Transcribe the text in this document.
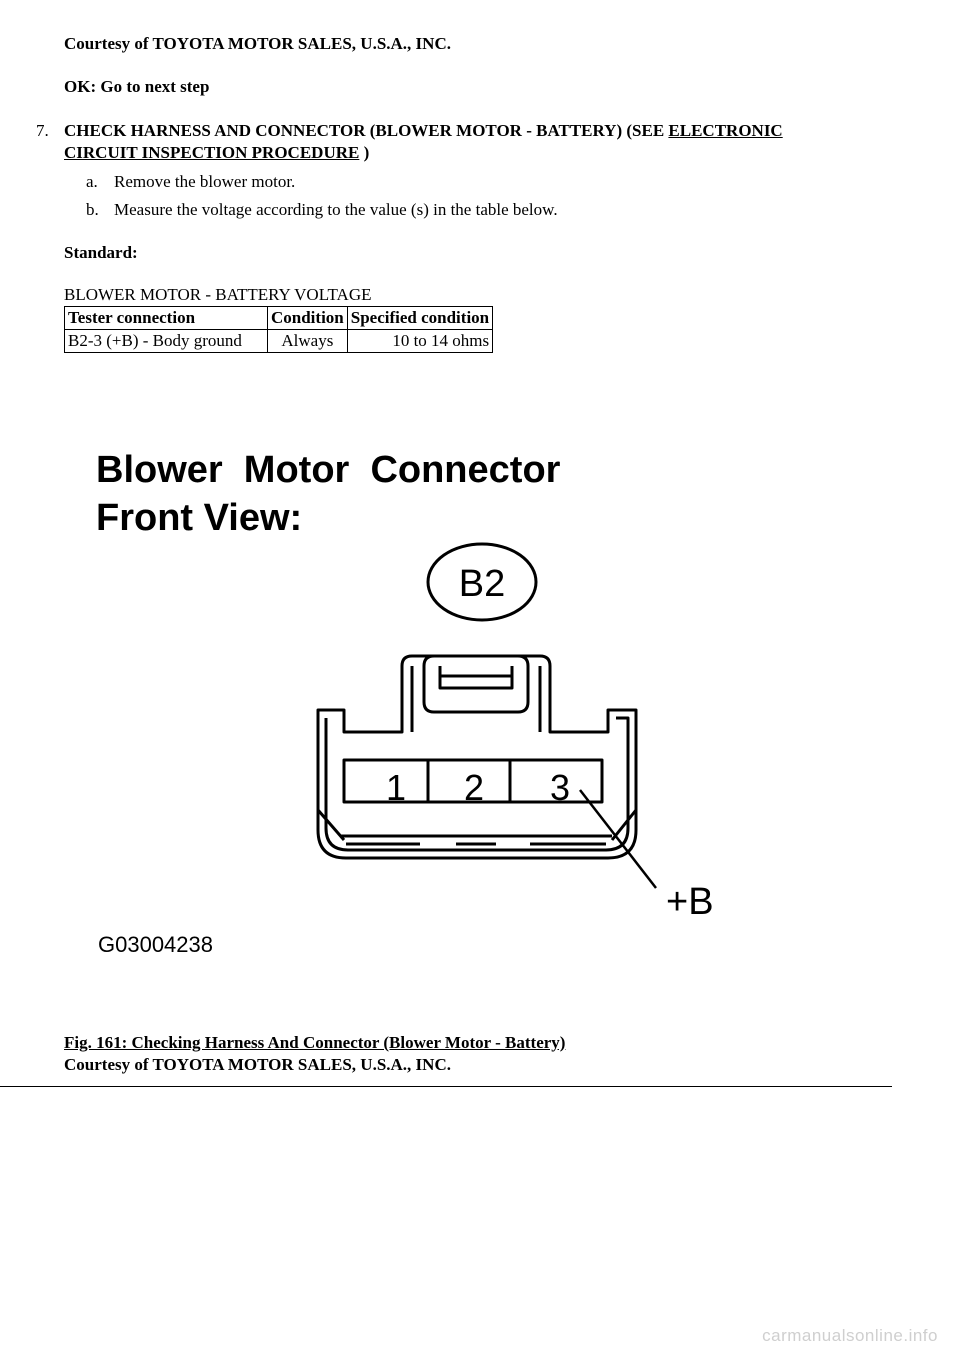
Courtesy of TOYOTA MOTOR SALES, U.S.A., INC.
OK: Go to next step
7. CHECK HARNESS AND CONNECTOR (BLOWER MOTOR - BATTERY) (SEE ELECTRONIC
CIRCUIT INSPECTION PROCEDURE )
a. Remove the blower motor.
b. Measure the voltage according to the value (s) in the table below.
Standard:
BLOWER MOTOR - BATTERY VOLTAGE
Tester connection	Condition	Specified condition
B2-3 (+B) - Body ground	Always	10 to 14 ohms
Blower  Motor  Connector
Front View:
B2
1 2 3
+B
G03004238
Fig. 161: Checking Harness And Connector (Blower Motor - Battery)
Courtesy of TOYOTA MOTOR SALES, U.S.A., INC.
carmanualsonline.info
